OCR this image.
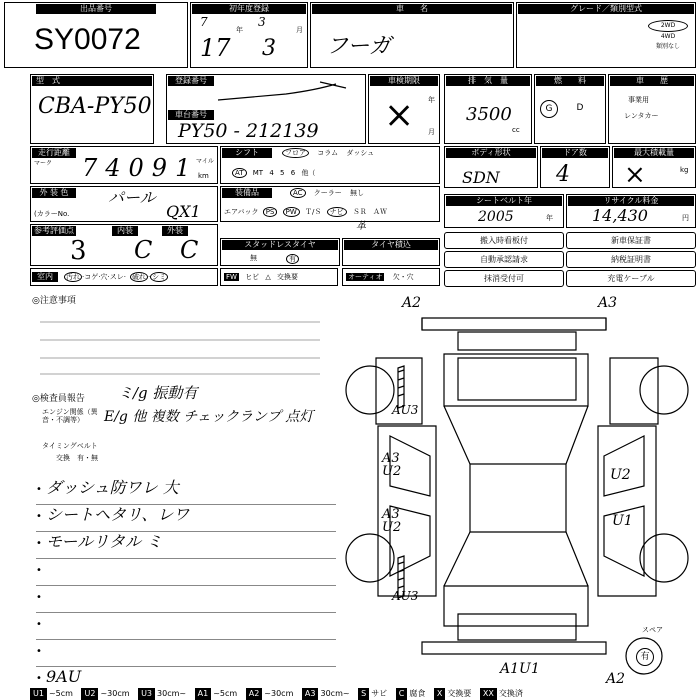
出品番号
SY0072
初年度登録
7
年
3
月
17 3
車　　名
フーガ
グレード／類別型式
2WD
4WD
類別なし
型　式
CBA-PY50
登録番号
車台番号
PY50 - 212139
車検期限
年
月
×
排　気　量
3500
cc
燃　　料
G	D
車　　歴
事業用
レンタカー
走行距離
マーク 74091
マイル
km
シフト	フロア コラム ダッシュ
AT MT 4 5 6 他（
ボディ形状
SDN
ドア数
4
最大積載量
×	kg
外 装 色	パール
(カラーNo.	QX1
装備品	AC クーラー 無し
エアバック PS PW Ｔ/Ｓ ナビ ＳＲ ＡＷ
革
シートベルト年
2005	年
リサイクル料金
14,430	円
参考評価点
3
内装
C
外装
C	スタッドレスタイヤ
無	有
タイヤ積込	搬入時看板付
自動承認請求
抹消受付可
新車保証書
納税証明書
充電ケーブル
室内	汚れ ·コゲ·穴·スレ· 破れ · シミ	FW ヒビ △ 交換要	オーティオ 欠・穴
◎注意事項
◎検査員報告 ミ/g 振動有
エンジン関係（異音・不調等）	E/g 他 複数 チェックランプ 点灯
タイミングベルト
交換　有・無
• ダッシュ防ワレ 大
• シートヘタリ、レワ
• モールリタル ミ
•
•
•
•
• 9AU
A2	A3
AU3
A3 U2
A3 U2
AU3
U2
U1
A1U1
A2
スペア
有
U1 ~5cm U2 ~30cm U3 30cm~ A1 ~5cm A2 ~30cm A3 30cm~ S サビ C 腐食 X 交換要 XX 交換済
